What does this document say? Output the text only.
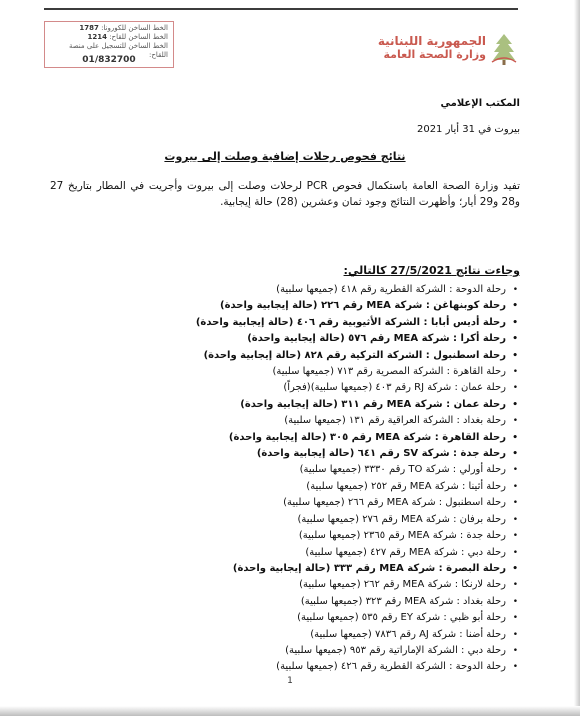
الخط الساخن للكورونا: 1787
الخط الساخن للقاح: 1214
الخط الساخن للتسجيل على منصة اللقاح:
01/832700
الجمهورية اللبنانية
وزارة الصحة العامة
المكتب الإعلامي
بيروت في 31 أيار 2021
نتائج فحوص رحلات إضافية وصلت إلى بيروت
تفيد وزارة الصحة العامة باستكمال فحوص PCR لرحلات وصلت إلى بيروت وأجريت في المطار بتاريخ 27 و28 و29 أيار؛ وأظهرت النتائج وجود ثمان وعشرين (28) حالة إيجابية.
وجاءت نتائج 27/5/2021 كالتالي:
•
رحلة الدوحة : الشركة القطرية رقم ٤١٨ (جميعها سلبية)
•
رحلة كوبنهاغن : شركة MEA رقم ٢٢٦ (حالة إيجابية واحدة)
•
رحلة أديس أبابا : الشركة الأثيوبية رقم ٤٠٦ (حالة إيجابية واحدة)
•
رحلة أكرا : شركة MEA رقم ٥٧٦ (حالة إيجابية واحدة)
•
رحلة اسطنبول : الشركة التركية رقم ٨٢٨ (حالة إيجابية واحدة)
•
رحلة القاهرة : الشركة المصرية رقم ٧١٣ (جميعها سلبية)
•
رحلة عمان : شركة RJ رقم ٤٠٣ (جميعها سلبية)(فجراً)
•
رحلة عمان : شركة MEA رقم ٣١١ (حالة إيجابية واحدة)
•
رحلة بغداد : الشركة العراقية رقم ١٣١ (جميعها سلبية)
•
رحلة القاهرة : شركة MEA رقم ٣٠٥ (حالة إيجابية واحدة)
•
رحلة جدة : شركة SV رقم ٦٤١ (حالة إيجابية واحدة)
•
رحلة أورلي : شركة TO رقم ٣٣٣٠ (جميعها سلبية)
•
رحلة أثينا : شركة MEA رقم ٢٥٢ (جميعها سلبية)
•
رحلة اسطنبول : شركة MEA رقم ٢٦٦ (جميعها سلبية)
•
رحلة برفان : شركة MEA رقم ٢٧٦ (جميعها سلبية)
•
رحلة جدة : شركة MEA رقم ٢٣٦٥ (جميعها سلبية)
•
رحلة دبي : شركة MEA رقم ٤٢٧ (جميعها سلبية)
•
رحلة البصرة : شركة MEA رقم ٣٣٣ (حالة إيجابية واحدة)
•
رحلة لارنكا : شركة MEA رقم ٢٦٢ (جميعها سلبية)
•
رحلة بغداد : شركة MEA رقم ٣٢٣ (جميعها سلبية)
•
رحلة أبو ظبي : شركة EY رقم ٥٣٥ (جميعها سلبية)
•
رحلة أضنا : شركة AJ رقم ٧٨٣٦ (جميعها سلبية)
•
رحلة دبي : الشركة الإماراتية رقم ٩٥٣ (جميعها سلبية)
•
رحلة الدوحة : الشركة القطرية رقم ٤٢٦ (جميعها سلبية)
1
